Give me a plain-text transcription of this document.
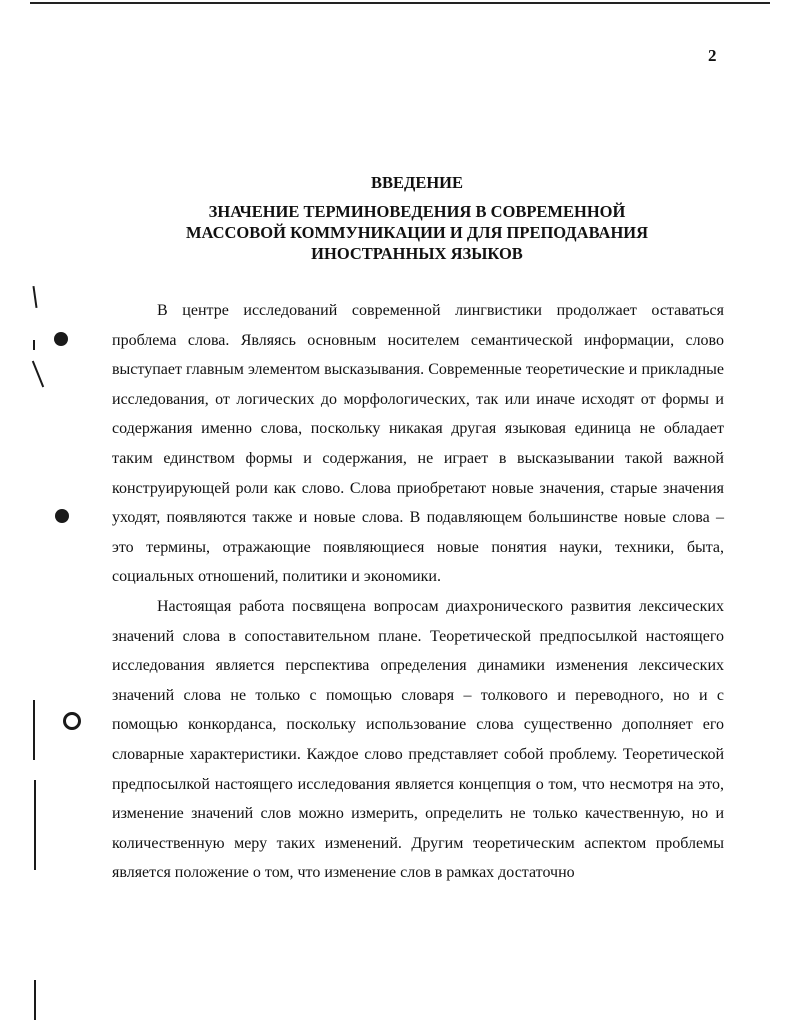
2
ВВЕДЕНИЕ
ЗНАЧЕНИЕ ТЕРМИНОВЕДЕНИЯ В СОВРЕМЕННОЙ
МАССОВОЙ КОММУНИКАЦИИ И ДЛЯ ПРЕПОДАВАНИЯ
ИНОСТРАННЫХ ЯЗЫКОВ

В центре исследований современной лингвистики продолжает оставаться проблема слова. Являясь основным носителем семантической информации, слово выступает главным элементом высказывания. Современные теоретические и прикладные исследования, от логических до морфологических, так или иначе исходят от формы и содержания именно слова, поскольку никакая другая языковая единица не обладает таким единством формы и содержания, не играет в высказывании такой важной конструирующей роли как слово. Слова приобретают новые значения, старые значения уходят, появляются также и новые слова. В подавляющем большинстве новые слова – это термины, отражающие появляющиеся новые понятия науки, техники, быта, социальных отношений, политики и экономики.

Настоящая работа посвящена вопросам диахронического развития лексических значений слова в сопоставительном плане. Теоретической предпосылкой настоящего исследования является перспектива определения динамики изменения лексических значений слова не только с помощью словаря – толкового и переводного, но и с помощью конкорданса, поскольку использование слова существенно дополняет его словарные характеристики. Каждое слово представляет собой проблему. Теоретической предпосылкой настоящего исследования является концепция о том, что несмотря на это, изменение значений слов можно измерить, определить не только качественную, но и количественную меру таких изменений. Другим теоретическим аспектом проблемы является положение о том, что изменение слов в рамках достаточно
